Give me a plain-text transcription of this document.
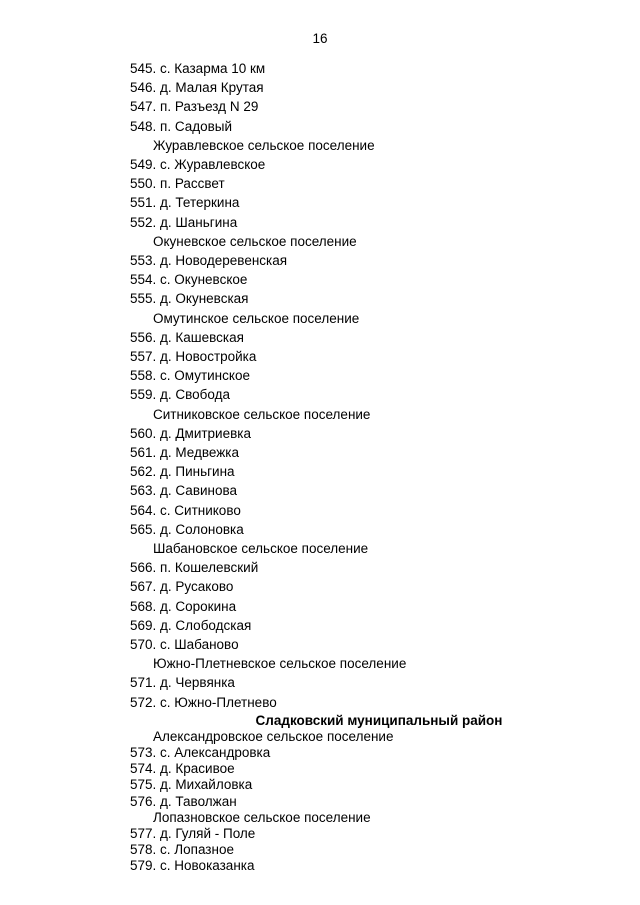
16
545. с. Казарма 10 км
546. д. Малая Крутая
547. п. Разъезд N 29
548. п. Садовый
Журавлевское сельское поселение
549. с. Журавлевское
550. п. Рассвет
551. д. Тетеркина
552. д. Шаньгина
Окуневское сельское поселение
553. д. Новодеревенская
554. с. Окуневское
555. д. Окуневская
Омутинское сельское поселение
556. д. Кашевская
557. д. Новостройка
558. с. Омутинское
559. д. Свобода
Ситниковское сельское поселение
560. д. Дмитриевка
561. д. Медвежка
562. д. Пиньгина
563. д. Савинова
564. с. Ситниково
565. д. Солоновка
Шабановское сельское поселение
566. п. Кошелевский
567. д. Русаково
568. д. Сорокина
569. д. Слободская
570. с. Шабаново
Южно-Плетневское сельское поселение
571. д. Червянка
572. с. Южно-Плетнево
Сладковский муниципальный район
Александровское сельское поселение
573. с. Александровка
574. д. Красивое
575. д. Михайловка
576. д. Таволжан
Лопазновское сельское поселение
577. д. Гуляй - Поле
578. с. Лопазное
579. с. Новоказанка
